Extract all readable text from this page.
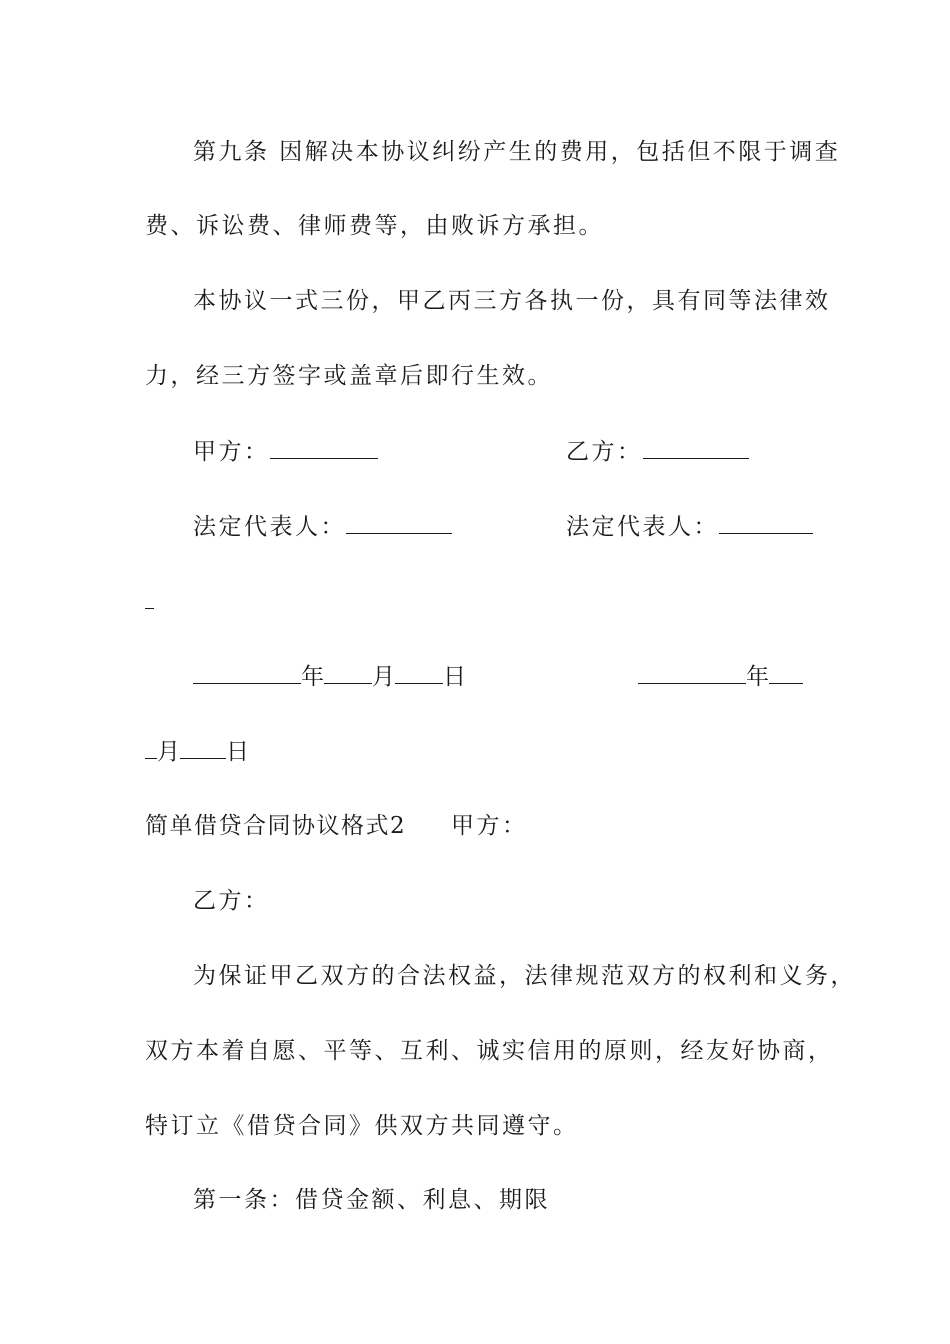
第九条 因解决本协议纠纷产生的费用，包括但不限于调查
费、诉讼费、律师费等，由败诉方承担。
本协议一式三份，甲乙丙三方各执一份，具有同等法律效
力，经三方签字或盖章后即行生效。
甲方：	乙方：
法定代表人：	法定代表人：
年 月 日	年
月 日
简单借贷合同协议格式2 甲方：
乙方：
为保证甲乙双方的合法权益，法律规范双方的权利和义务，
双方本着自愿、平等、互利、诚实信用的原则，经友好协商，
特订立《借贷合同》供双方共同遵守。
第一条：借贷金额、利息、期限
